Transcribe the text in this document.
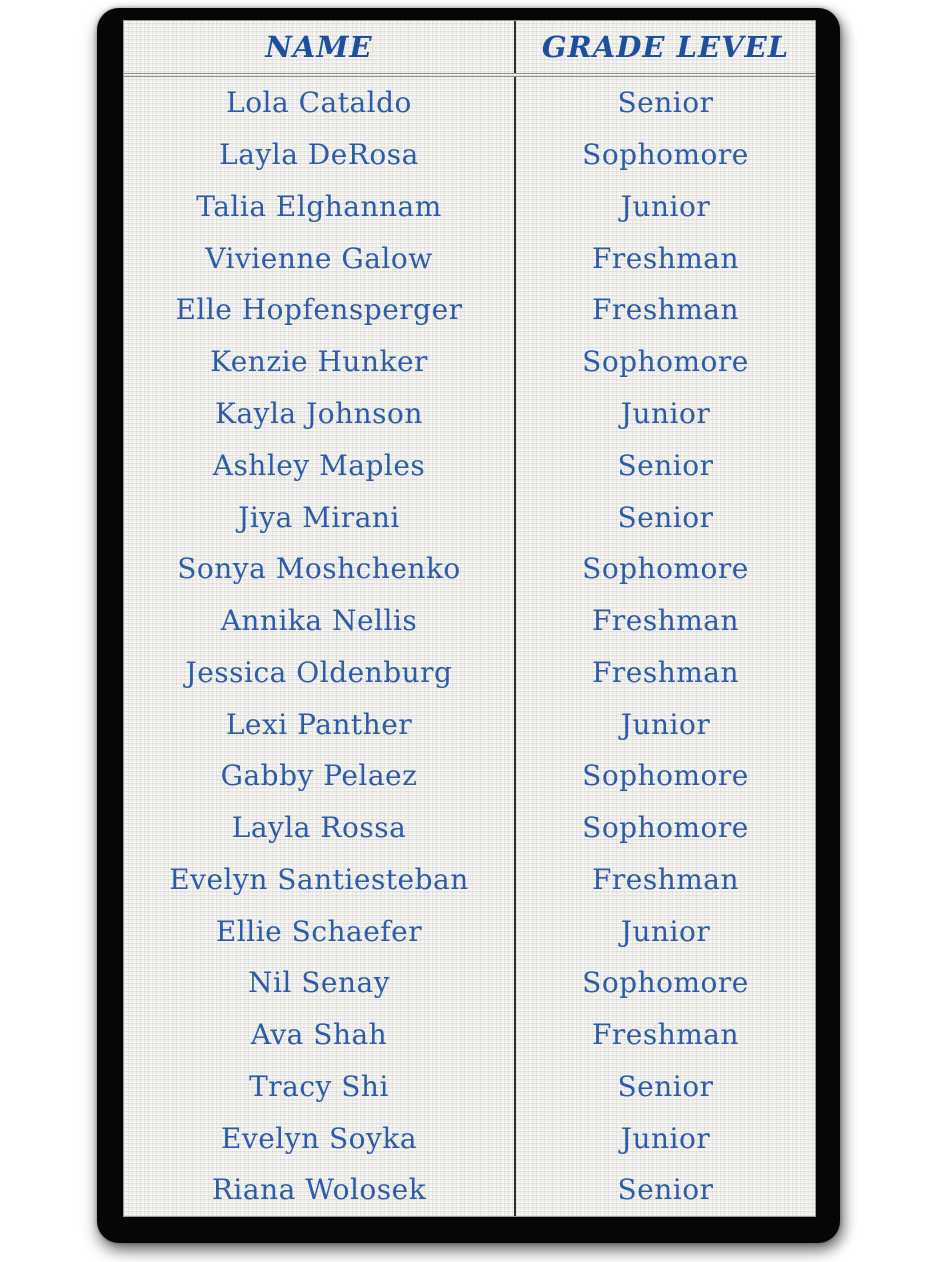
NAME	GRADE LEVEL
Lola Cataldo	Senior
Layla DeRosa	Sophomore
Talia Elghannam	Junior
Vivienne Galow	Freshman
Elle Hopfensperger	Freshman
Kenzie Hunker	Sophomore
Kayla Johnson	Junior
Ashley Maples	Senior
Jiya Mirani	Senior
Sonya Moshchenko	Sophomore
Annika Nellis	Freshman
Jessica Oldenburg	Freshman
Lexi Panther	Junior
Gabby Pelaez	Sophomore
Layla Rossa	Sophomore
Evelyn Santiesteban	Freshman
Ellie Schaefer	Junior
Nil Senay	Sophomore
Ava Shah	Freshman
Tracy Shi	Senior
Evelyn Soyka	Junior
Riana Wolosek	Senior
